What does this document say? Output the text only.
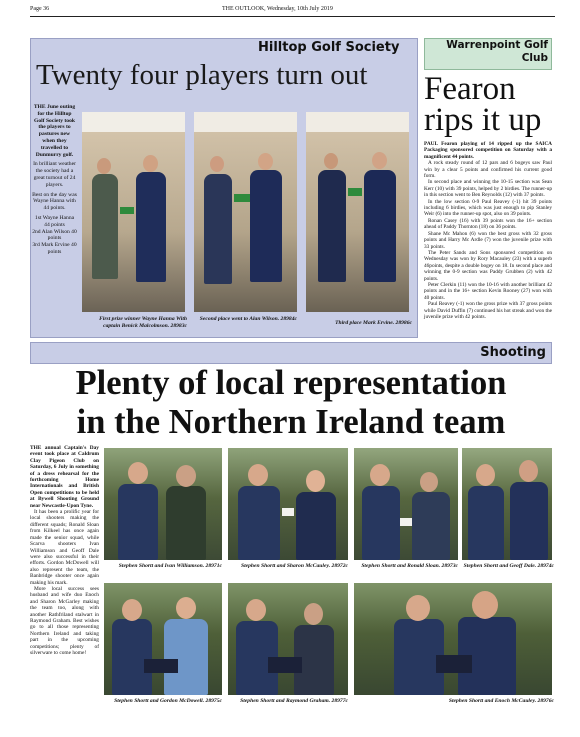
Page 36	THE OUTLOOK, Wednesday, 10th July 2019
Hilltop Golf Society
Twenty four players turn out
THE June outing for the Hilltop Golf Society took the players to pastures new when they travelled to Dunmurry golf.
In brilliant weather the society had a great turnout of 24 players.
Best on the day was Wayne Hanna with 44 points.
1st Wayne Hanna 44 points
2nd Alan Wilson 40 points
3rd Mark Ervine 40 points
First prize winner Wayne Hanna With captain Benick Malcolmson. 28983c
Second place went to Alan Wilson. 28984c
Third place Mark Ervine. 28986c
Warrenpoint Golf Club
Fearon rips it up
PAUL Fearon playing of 14 ripped up the SAICA Packaging sponsored competition on Saturday with a magnificent 44 points.
A rock steady round of 12 pars and 6 bogeys saw Paul win by a clear 5 points and confirmed his current good form.
In second place and winning the 10-15 section was Sean Kerr (10) with 39 points, helped by 2 birdies. The runner-up in this section went to Ben Reynolds (12) with 37 points.
In the low section 0-9 Paul Reavey (-1) hit 39 points including 6 birdies, which was just enough to pip Stanley Weir (6) into the runner-up spot, also on 39 points.
Ronan Casey (16) with 39 points won the 16+ section ahead of Paddy Thornton (18) on 36 points.
Shane Mc Mahon (6) won the best gross with 32 gross points and Harry Mc Ardle (7) won the juvenile prize with 33 points.
The Peter Sands and Sons sponsored competition on Wednesday was won by Rory Macauley (23) with a superb 46points, despite a double bogey on 18. In second place and winning the 0-9 section was Paddy Grubben (2) with 42 points.
Peter Clerkin (11) won the 10-16 with another brilliant 42 points and in the 16+ section Kevin Rooney (27) won with 40 points.
Paul Reavey (-1) won the gross prize with 37 gross points while David Duffin (7) continued his hot streak and won the juvenile prize with 42 points.
Shooting
Plenty of local representation
in the Northern Ireland team
THE annual Captain's Day event took place at Caldrum Clay Pigeon Club on Saturday, 6 July in something of a dress rehearsal for the forthcoming Home Internationals and British Open competitions to be held at Bywell Shooting Ground near Newcastle-Upon Tyne.
It has been a prolific year for local shooters making the different squads; Ronald Sloan from Kilkeel has once again made the senior squad, while Scarva shooters Ivan Williamson and Geoff Dale were also successful in their efforts. Gordon McDowell will also represent the team, the Banbridge shooter once again making his mark.
More local success sees husband and wife duo Enoch and Sharon McGarley making the team too, along with another Rathfriland stalwart in Raymond Graham. Best wishes go to all those representing Northern Ireland and taking part in the upcoming competitions; plenty of silverware to come home!
Stephen Shortt and Ivan Williamson. 28971c	Stephen Shortt and Sharon McCauley. 28972c	Stephen Shortt and Ronald Sloan. 28973c Stephen Shortt and Geoff Dale. 28974c
Stephen Shortt and Gordon McDowell. 28975c	Stephen Shortt and Raymond Graham. 28977c	Stephen Shortt and Enoch McCauley. 28976c
